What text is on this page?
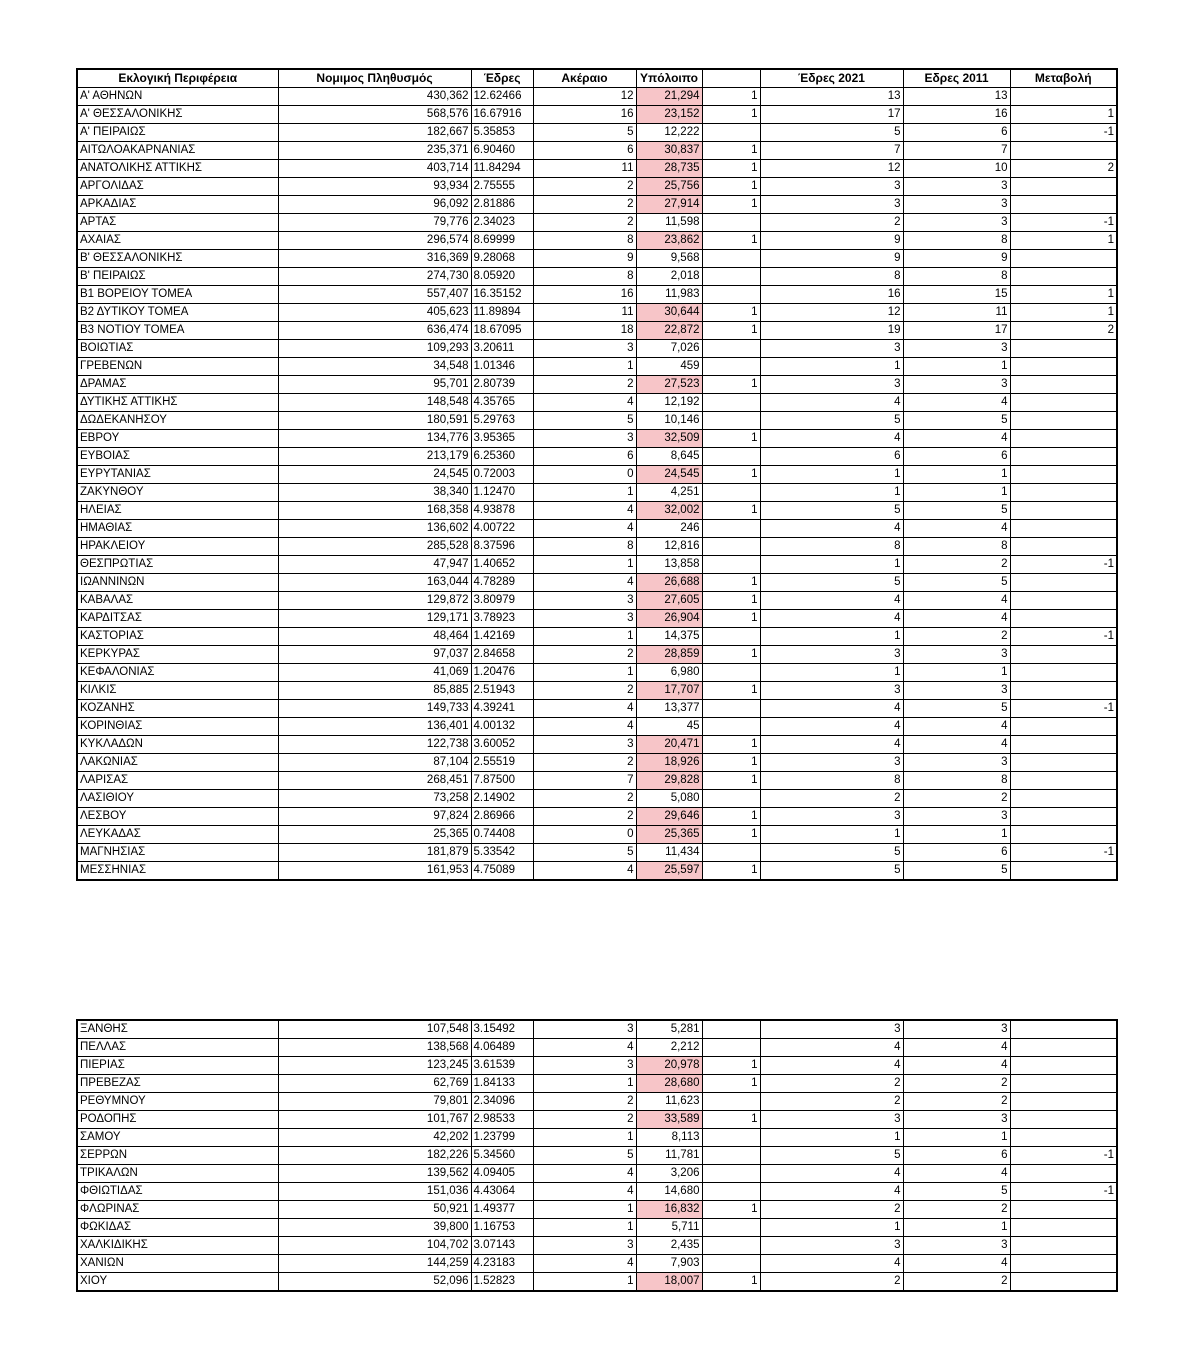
Εκλογική Περιφέρεια	Νομιμος Πληθυσμός	Έδρες	Ακέραιο	Υπόλοιπο		Έδρες 2021	Εδρες 2011	Μεταβολή
Α' ΑΘΗΝΩΝ	430,362	12.62466	12	21,294	1	13	13	
Α' ΘΕΣΣΑΛΟΝΙΚΗΣ	568,576	16.67916	16	23,152	1	17	16	1
Α' ΠΕΙΡΑΙΩΣ	182,667	5.35853	5	12,222		5	6	-1
ΑΙΤΩΛΟΑΚΑΡΝΑΝΙΑΣ	235,371	6.90460	6	30,837	1	7	7	
ΑΝΑΤΟΛΙΚΗΣ ΑΤΤΙΚΗΣ	403,714	11.84294	11	28,735	1	12	10	2
ΑΡΓΟΛΙΔΑΣ	93,934	2.75555	2	25,756	1	3	3	
ΑΡΚΑΔΙΑΣ	96,092	2.81886	2	27,914	1	3	3	
ΑΡΤΑΣ	79,776	2.34023	2	11,598		2	3	-1
ΑΧΑΙΑΣ	296,574	8.69999	8	23,862	1	9	8	1
Β' ΘΕΣΣΑΛΟΝΙΚΗΣ	316,369	9.28068	9	9,568		9	9	
Β' ΠΕΙΡΑΙΩΣ	274,730	8.05920	8	2,018		8	8	
Β1 ΒΟΡΕΙΟΥ ΤΟΜΕΑ	557,407	16.35152	16	11,983		16	15	1
Β2 ΔΥΤΙΚΟΥ ΤΟΜΕΑ	405,623	11.89894	11	30,644	1	12	11	1
Β3 ΝΟΤΙΟΥ ΤΟΜΕΑ	636,474	18.67095	18	22,872	1	19	17	2
ΒΟΙΩΤΙΑΣ	109,293	3.20611	3	7,026		3	3	
ΓΡΕΒΕΝΩΝ	34,548	1.01346	1	459		1	1	
ΔΡΑΜΑΣ	95,701	2.80739	2	27,523	1	3	3	
ΔΥΤΙΚΗΣ ΑΤΤΙΚΗΣ	148,548	4.35765	4	12,192		4	4	
ΔΩΔΕΚΑΝΗΣΟΥ	180,591	5.29763	5	10,146		5	5	
ΕΒΡΟΥ	134,776	3.95365	3	32,509	1	4	4	
ΕΥΒΟΙΑΣ	213,179	6.25360	6	8,645		6	6	
ΕΥΡΥΤΑΝΙΑΣ	24,545	0.72003	0	24,545	1	1	1	
ΖΑΚΥΝΘΟΥ	38,340	1.12470	1	4,251		1	1	
ΗΛΕΙΑΣ	168,358	4.93878	4	32,002	1	5	5	
ΗΜΑΘΙΑΣ	136,602	4.00722	4	246		4	4	
ΗΡΑΚΛΕΙΟΥ	285,528	8.37596	8	12,816		8	8	
ΘΕΣΠΡΩΤΙΑΣ	47,947	1.40652	1	13,858		1	2	-1
ΙΩΑΝΝΙΝΩΝ	163,044	4.78289	4	26,688	1	5	5	
ΚΑΒΑΛΑΣ	129,872	3.80979	3	27,605	1	4	4	
ΚΑΡΔΙΤΣΑΣ	129,171	3.78923	3	26,904	1	4	4	
ΚΑΣΤΟΡΙΑΣ	48,464	1.42169	1	14,375		1	2	-1
ΚΕΡΚΥΡΑΣ	97,037	2.84658	2	28,859	1	3	3	
ΚΕΦΑΛΟΝΙΑΣ	41,069	1.20476	1	6,980		1	1	
ΚΙΛΚΙΣ	85,885	2.51943	2	17,707	1	3	3	
ΚΟΖΑΝΗΣ	149,733	4.39241	4	13,377		4	5	-1
ΚΟΡΙΝΘΙΑΣ	136,401	4.00132	4	45		4	4	
ΚΥΚΛΑΔΩΝ	122,738	3.60052	3	20,471	1	4	4	
ΛΑΚΩΝΙΑΣ	87,104	2.55519	2	18,926	1	3	3	
ΛΑΡΙΣΑΣ	268,451	7.87500	7	29,828	1	8	8	
ΛΑΣΙΘΙΟΥ	73,258	2.14902	2	5,080		2	2	
ΛΕΣΒΟΥ	97,824	2.86966	2	29,646	1	3	3	
ΛΕΥΚΑΔΑΣ	25,365	0.74408	0	25,365	1	1	1	
ΜΑΓΝΗΣΙΑΣ	181,879	5.33542	5	11,434		5	6	-1
ΜΕΣΣΗΝΙΑΣ	161,953	4.75089	4	25,597	1	5	5	
ΞΑΝΘΗΣ	107,548	3.15492	3	5,281		3	3	
ΠΕΛΛΑΣ	138,568	4.06489	4	2,212		4	4	
ΠΙΕΡΙΑΣ	123,245	3.61539	3	20,978	1	4	4	
ΠΡΕΒΕΖΑΣ	62,769	1.84133	1	28,680	1	2	2	
ΡΕΘΥΜΝΟΥ	79,801	2.34096	2	11,623		2	2	
ΡΟΔΟΠΗΣ	101,767	2.98533	2	33,589	1	3	3	
ΣΑΜΟΥ	42,202	1.23799	1	8,113		1	1	
ΣΕΡΡΩΝ	182,226	5.34560	5	11,781		5	6	-1
ΤΡΙΚΑΛΩΝ	139,562	4.09405	4	3,206		4	4	
ΦΘΙΩΤΙΔΑΣ	151,036	4.43064	4	14,680		4	5	-1
ΦΛΩΡΙΝΑΣ	50,921	1.49377	1	16,832	1	2	2	
ΦΩΚΙΔΑΣ	39,800	1.16753	1	5,711		1	1	
ΧΑΛΚΙΔΙΚΗΣ	104,702	3.07143	3	2,435		3	3	
ΧΑΝΙΩΝ	144,259	4.23183	4	7,903		4	4	
ΧΙΟΥ	52,096	1.52823	1	18,007	1	2	2	
